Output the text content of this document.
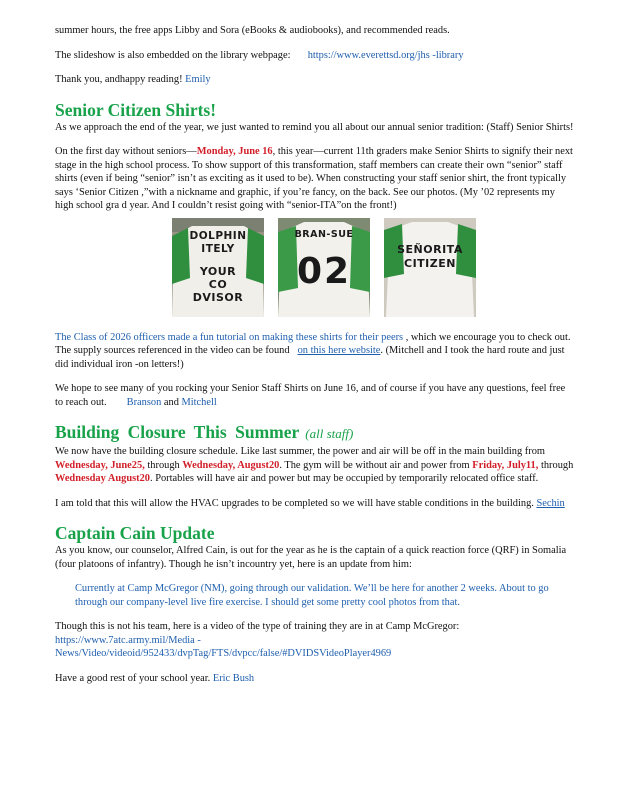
summer hours, the free apps Libby and Sora (eBooks & audiobooks), and recommended reads.

The slideshow is also embedded on the library webpage: https://www.everettsd.org/jhs -library

Thank you, andhappy reading! Emily

Senior Citizen Shirts!

As we approach the end of the year, we just wanted to remind you all about our annual senior tradition: (Staff) Senior Shirts!

On the first day without seniors—Monday, June 16, this year—current 11th graders make Senior Shirts to signify their next stage in the high school process. To show support of this transformation, staff members can create their own “senior” staff shirts (even if being “senior” isn’t as exciting as it used to be). When constructing your staff senior shirt, the front typically says ‘Senior Citizen ,”with a nickname and graphic, if you’re fancy, on the back. See our photos. (My ’02 represents my high school gra d year. And I couldn’t resist going with “senior-ITA”on the front!)

DOLPHIN
ITELY
YOUR
CO
DVISOR
BRAN-SUE
02
SEÑORITA
CITIZEN

The Class of 2026 officers made a fun tutorial on making these shirts for their peers , which we encourage you to check out. The supply sources referenced in the video can be found on this here website. (Mitchell and I took the hard route and just did individual iron -on letters!)

We hope to see many of you rocking your Senior Staff Shirts on June 16, and of course if you have any questions, feel free to reach out. Branson and Mitchell

Building Closure This Summer (all staff)

We now have the building closure schedule. Like last summer, the power and air will be off in the main building from Wednesday, June25, through Wednesday, August20. The gym will be without air and power from Friday, July11, through Wednesday August20. Portables will have air and power but may be occupied by temporarily relocated office staff.

I am told that this will allow the HVAC upgrades to be completed so we will have stable conditions in the building. Sechin

Captain Cain Update

As you know, our counselor, Alfred Cain, is out for the year as he is the captain of a quick reaction force (QRF) in Somalia (four platoons of infantry). Though he isn’t incountry yet, here is an update from him:

Currently at Camp McGregor (NM), going through our validation. We’ll be here for another 2 weeks. About to go through our company-level live fire exercise. I should get some pretty cool photos from that.

Though this is not his team, here is a video of the type of training they are in at Camp McGregor:

https://www.7atc.army.mil/Media -

News/Video/videoid/952433/dvpTag/FTS/dvpcc/false/#DVIDSVideoPlayer4969

Have a good rest of your school year. Eric Bush
